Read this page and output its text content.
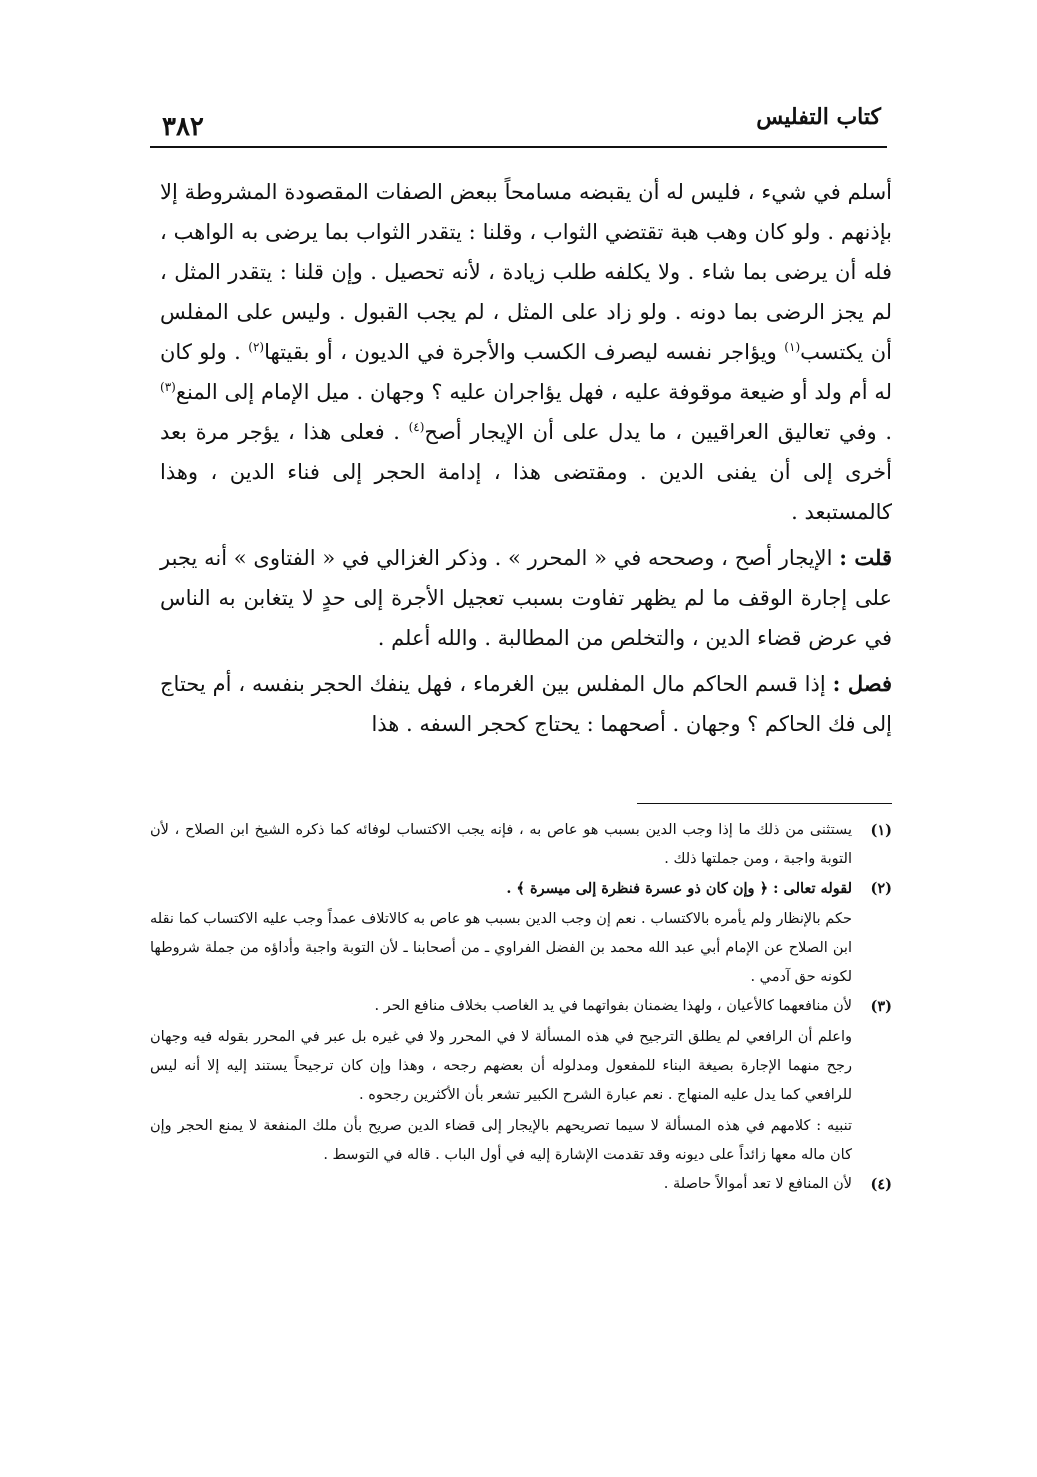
كتاب التفليس
٣٨٢

أسلم في شيء ، فليس له أن يقبضه مسامحاً ببعض الصفات المقصودة المشروطة إلا بإذنهم . ولو كان وهب هبة تقتضي الثواب ، وقلنا : يتقدر الثواب بما يرضى به الواهب ، فله أن يرضى بما شاء . ولا يكلفه طلب زيادة ، لأنه تحصيل . وإن قلنا : يتقدر المثل ، لم يجز الرضى بما دونه . ولو زاد على المثل ، لم يجب القبول . وليس على المفلس أن يكتسب$^{(١)}$ ويؤاجر نفسه ليصرف الكسب والأجرة في الديون ، أو بقيتها$^{(٢)}$ . ولو كان له أم ولد أو ضيعة موقوفة عليه ، فهل يؤاجران عليه ؟ وجهان . ميل الإمام إلى المنع$^{(٣)}$ . وفي تعاليق العراقيين ، ما يدل على أن الإيجار أصح$^{(٤)}$ . فعلى هذا ، يؤجر مرة بعد أخرى إلى أن يفنى الدين . ومقتضى هذا ، إدامة الحجر إلى فناء الدين ، وهذا كالمستبعد .

قلت : الإيجار أصح ، وصححه في « المحرر » . وذكر الغزالي في « الفتاوى » أنه يجبر على إجارة الوقف ما لم يظهر تفاوت بسبب تعجيل الأجرة إلى حدٍ لا يتغابن به الناس في عرض قضاء الدين ، والتخلص من المطالبة . والله أعلم .

فصل : إذا قسم الحاكم مال المفلس بين الغرماء ، فهل ينفك الحجر بنفسه ، أم يحتاج إلى فك الحاكم ؟ وجهان . أصحهما : يحتاج كحجر السفه . هذا

(١)

يستثنى من ذلك ما إذا وجب الدين بسبب هو عاص به ، فإنه يجب الاكتساب لوفائه كما ذكره الشيخ ابن الصلاح ، لأن التوبة واجبة ، ومن جملتها ذلك .

(٢)

لقوله تعالى : ﴿ وإن كان ذو عسرة فنظرة إلى ميسرة ﴾ .

حكم بالإنظار ولم يأمره بالاكتساب . نعم إن وجب الدين بسبب هو عاص به كالاتلاف عمداً وجب عليه الاكتساب كما نقله ابن الصلاح عن الإمام أبي عبد الله محمد بن الفضل الفراوي ـ من أصحابنا ـ لأن التوبة واجبة وأداؤه من جملة شروطها لكونه حق آدمي .

(٣)

لأن منافعهما كالأعيان ، ولهذا يضمنان بفواتهما في يد الغاصب بخلاف منافع الحر .

واعلم أن الرافعي لم يطلق الترجيح في هذه المسألة لا في المحرر ولا في غيره بل عبر في المحرر بقوله فيه وجهان رجح منهما الإجارة بصيغة البناء للمفعول ومدلوله أن بعضهم رجحه ، وهذا وإن كان ترجيحاً يستند إليه إلا أنه ليس للرافعي كما يدل عليه المنهاج . نعم عبارة الشرح الكبير تشعر بأن الأكثرين رجحوه .

تنبيه : كلامهم في هذه المسألة لا سيما تصريحهم بالإيجار إلى قضاء الدين صريح بأن ملك المنفعة لا يمنع الحجر وإن كان ماله معها زائداً على ديونه وقد تقدمت الإشارة إليه في أول الباب . قاله في التوسط .

(٤)

لأن المنافع لا تعد أموالاً حاصلة .
